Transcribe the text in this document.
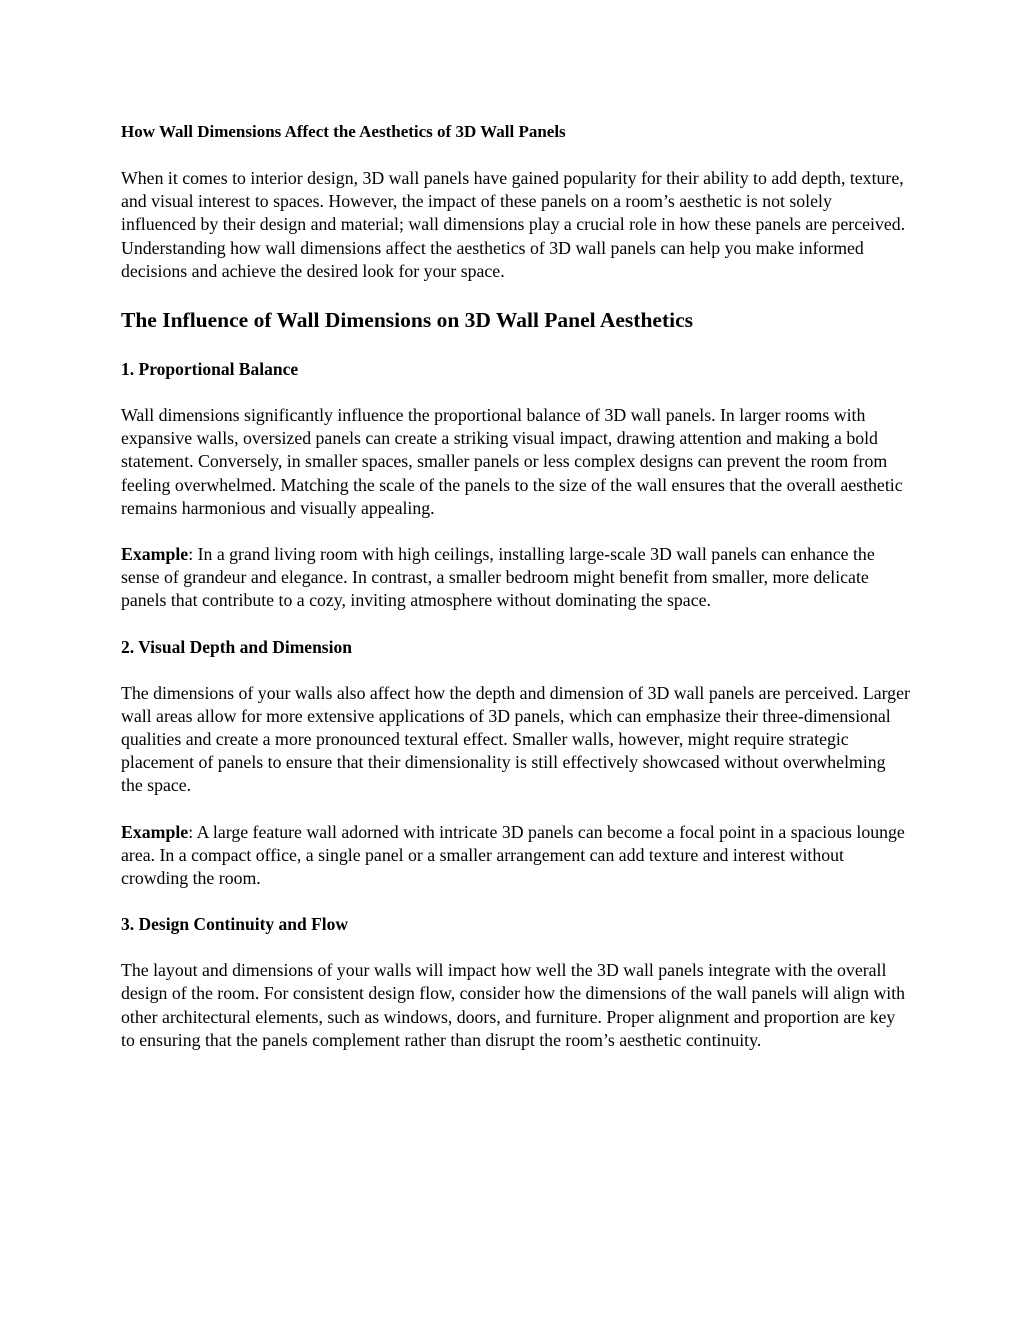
How Wall Dimensions Affect the Aesthetics of 3D Wall Panels

When it comes to interior design, 3D wall panels have gained popularity for their ability to add depth, texture, and visual interest to spaces. However, the impact of these panels on a room’s aesthetic is not solely influenced by their design and material; wall dimensions play a crucial role in how these panels are perceived. Understanding how wall dimensions affect the aesthetics of 3D wall panels can help you make informed decisions and achieve the desired look for your space.

The Influence of Wall Dimensions on 3D Wall Panel Aesthetics
1. Proportional Balance

Wall dimensions significantly influence the proportional balance of 3D wall panels. In larger rooms with expansive walls, oversized panels can create a striking visual impact, drawing attention and making a bold statement. Conversely, in smaller spaces, smaller panels or less complex designs can prevent the room from feeling overwhelmed. Matching the scale of the panels to the size of the wall ensures that the overall aesthetic remains harmonious and visually appealing.

Example: In a grand living room with high ceilings, installing large-scale 3D wall panels can enhance the sense of grandeur and elegance. In contrast, a smaller bedroom might benefit from smaller, more delicate panels that contribute to a cozy, inviting atmosphere without dominating the space.

2. Visual Depth and Dimension

The dimensions of your walls also affect how the depth and dimension of 3D wall panels are perceived. Larger wall areas allow for more extensive applications of 3D panels, which can emphasize their three-dimensional qualities and create a more pronounced textural effect. Smaller walls, however, might require strategic placement of panels to ensure that their dimensionality is still effectively showcased without overwhelming the space.

Example: A large feature wall adorned with intricate 3D panels can become a focal point in a spacious lounge area. In a compact office, a single panel or a smaller arrangement can add texture and interest without crowding the room.

3. Design Continuity and Flow

The layout and dimensions of your walls will impact how well the 3D wall panels integrate with the overall design of the room. For consistent design flow, consider how the dimensions of the wall panels will align with other architectural elements, such as windows, doors, and furniture. Proper alignment and proportion are key to ensuring that the panels complement rather than disrupt the room’s aesthetic continuity.
